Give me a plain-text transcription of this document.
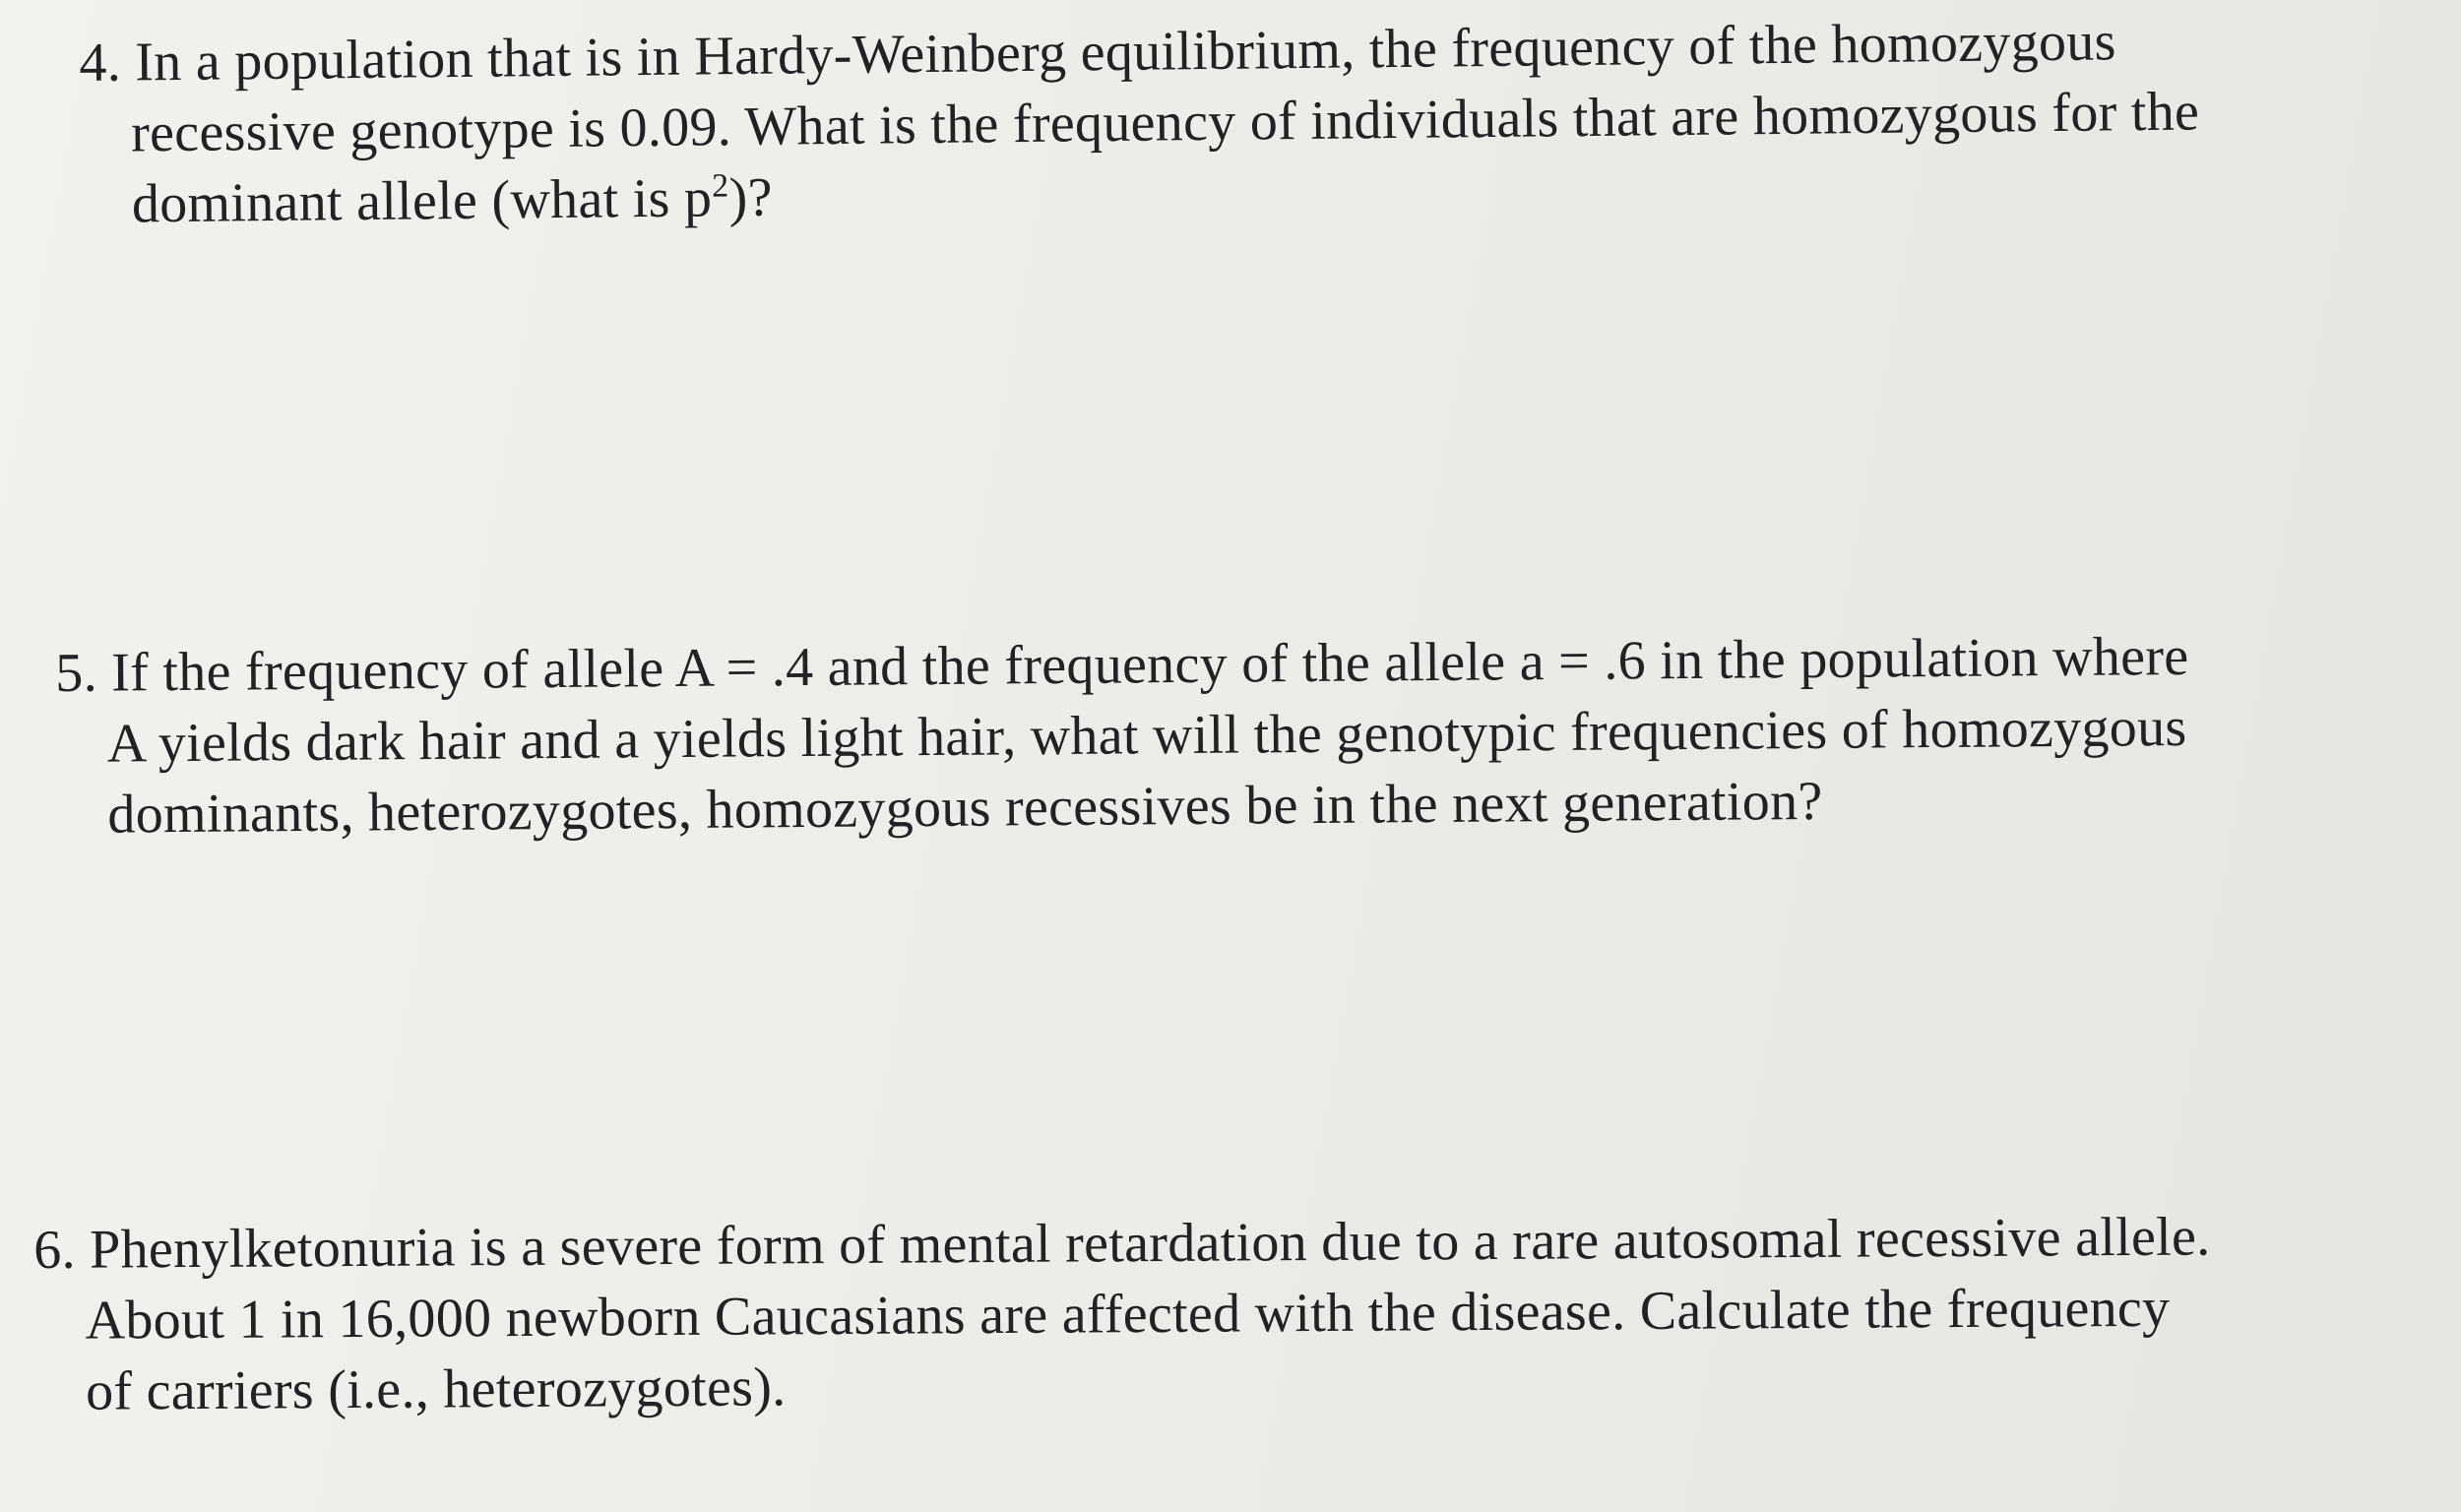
4. In a population that is in Hardy-Weinberg equilibrium, the frequency of the homozygous
recessive genotype is 0.09. What is the frequency of individuals that are homozygous for the
dominant allele (what is $p^2$)?
5. If the frequency of allele A = .4 and the frequency of the allele a = .6 in the population where
A yields dark hair and a yields light hair, what will the genotypic frequencies of homozygous
dominants, heterozygotes, homozygous recessives be in the next generation?
6. Phenylketonuria is a severe form of mental retardation due to a rare autosomal recessive allele.
About 1 in 16,000 newborn Caucasians are affected with the disease. Calculate the frequency
of carriers (i.e., heterozygotes).
